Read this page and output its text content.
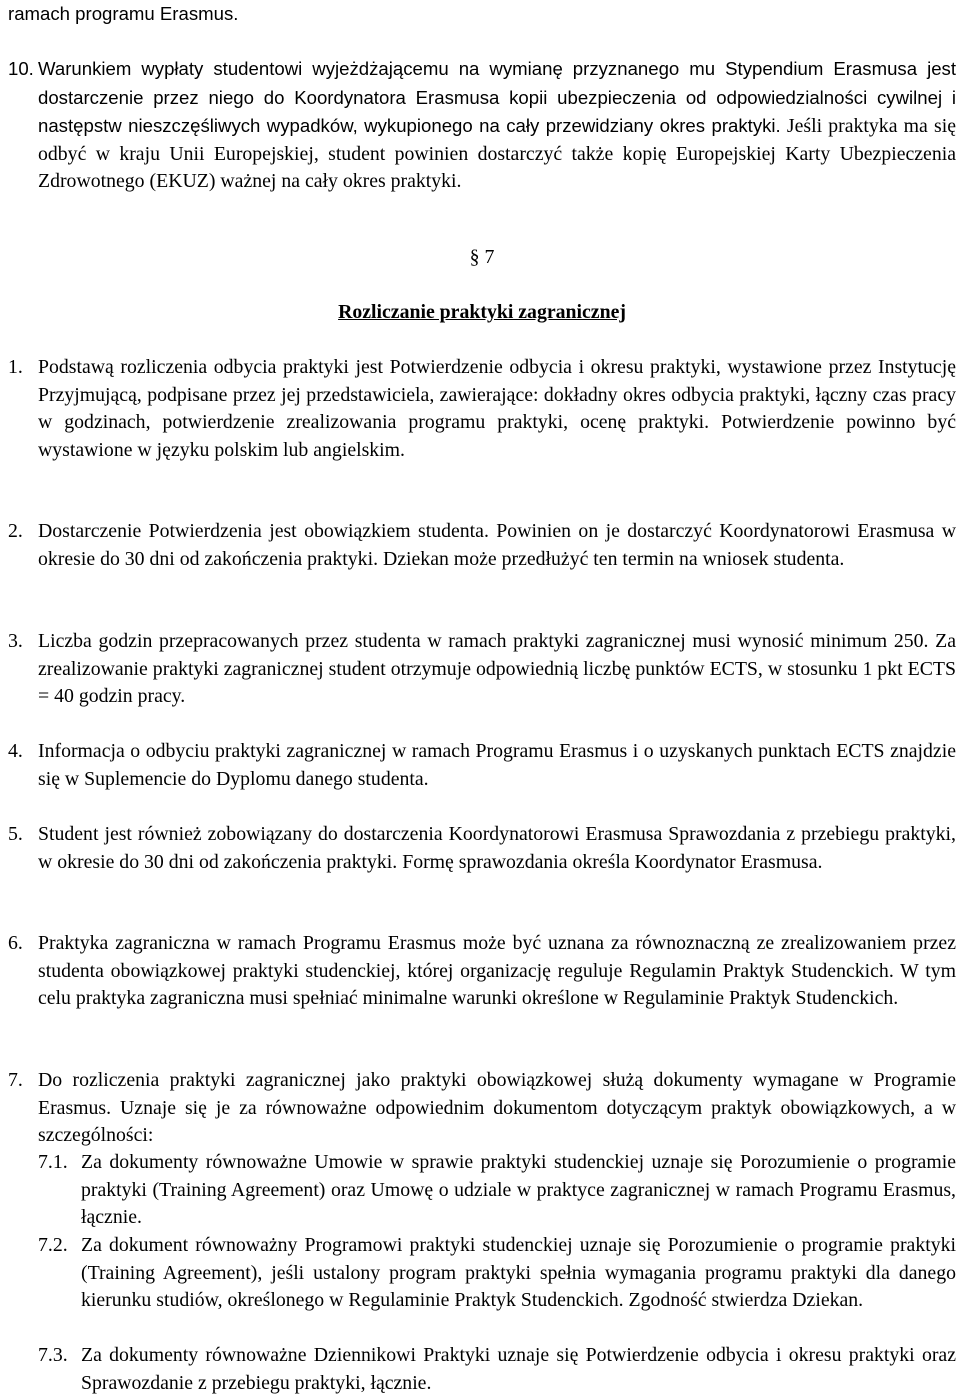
ramach programu Erasmus.

10. Warunkiem wypłaty studentowi wyjeżdżającemu na wymianę przyznanego mu Stypendium Erasmusa jest dostarczenie przez niego do Koordynatora Erasmusa kopii ubezpieczenia od odpowiedzialności cywilnej i następstw nieszczęśliwych wypadków, wykupionego na cały przewidziany okres praktyki. Jeśli praktyka ma się odbyć w kraju Unii Europejskiej, student powinien dostarczyć także kopię Europejskiej Karty Ubezpieczenia Zdrowotnego (EKUZ) ważnej na cały okres praktyki.
§ 7
Rozliczanie praktyki zagranicznej
1. Podstawą rozliczenia odbycia praktyki jest Potwierdzenie odbycia i okresu praktyki, wystawione przez Instytucję Przyjmującą, podpisane przez jej przedstawiciela, zawierające: dokładny okres odbycia praktyki, łączny czas pracy w godzinach, potwierdzenie zrealizowania programu praktyki, ocenę praktyki. Potwierdzenie powinno być wystawione w języku polskim lub angielskim.
2. Dostarczenie Potwierdzenia jest obowiązkiem studenta. Powinien on je dostarczyć Koordynatorowi Erasmusa w okresie do 30 dni od zakończenia praktyki. Dziekan może przedłużyć ten termin na wniosek studenta.
3. Liczba godzin przepracowanych przez studenta w ramach praktyki zagranicznej musi wynosić minimum 250. Za zrealizowanie praktyki zagranicznej student otrzymuje odpowiednią liczbę punktów ECTS, w stosunku 1 pkt ECTS = 40 godzin pracy.
4. Informacja o odbyciu praktyki zagranicznej w ramach Programu Erasmus i o uzyskanych punktach ECTS znajdzie się w Suplemencie do Dyplomu danego studenta.
5. Student jest również zobowiązany do dostarczenia Koordynatorowi Erasmusa Sprawozdania z przebiegu praktyki, w okresie do 30 dni od zakończenia praktyki. Formę sprawozdania określa Koordynator Erasmusa.
6. Praktyka zagraniczna w ramach Programu Erasmus może być uznana za równoznaczną ze zrealizowaniem przez studenta obowiązkowej praktyki studenckiej, której organizację reguluje Regulamin Praktyk Studenckich. W tym celu praktyka zagraniczna musi spełniać minimalne warunki określone w Regulaminie Praktyk Studenckich.
7. Do rozliczenia praktyki zagranicznej jako praktyki obowiązkowej służą dokumenty wymagane w Programie Erasmus. Uznaje się je za równoważne odpowiednim dokumentom dotyczącym praktyk obowiązkowych, a w szczególności:
7.1. Za dokumenty równoważne Umowie w sprawie praktyki studenckiej uznaje się Porozumienie o programie praktyki (Training Agreement) oraz Umowę o udziale w praktyce zagranicznej w ramach Programu Erasmus, łącznie.
7.2. Za dokument równoważny Programowi praktyki studenckiej uznaje się Porozumienie o programie praktyki (Training Agreement), jeśli ustalony program praktyki spełnia wymagania programu praktyki dla danego kierunku studiów, określonego w Regulaminie Praktyk Studenckich. Zgodność stwierdza Dziekan.
7.3. Za dokumenty równoważne Dziennikowi Praktyki uznaje się Potwierdzenie odbycia i okresu praktyki oraz Sprawozdanie z przebiegu praktyki, łącznie.
